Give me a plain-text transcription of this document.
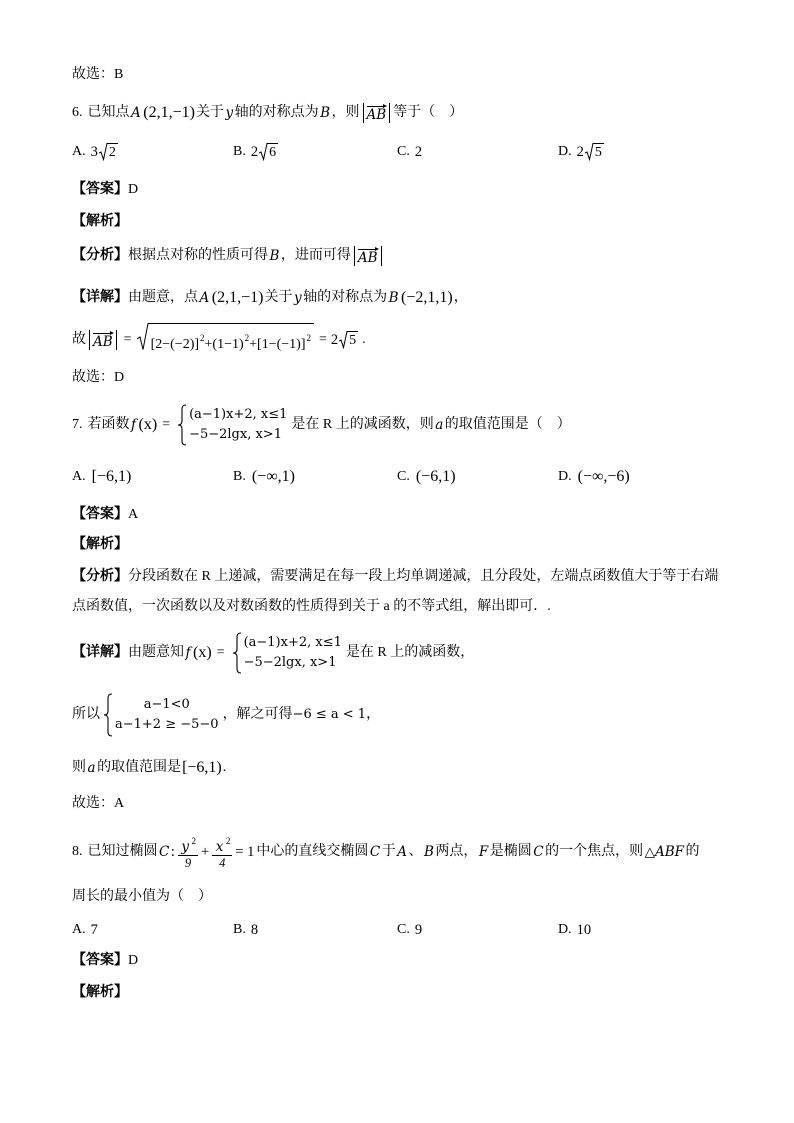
故选：B
6. 已知点 A (2,1,−1) 关于 y 轴的对称点为 B ，则 AB 等于（　）
A. 3 2	B. 2 6	C. 2	D. 2 5
【答案】 D
【解析】
【分析】 根据点对称的性质可得 B ，进而可得 AB
【详解】 由题意，点 A (2,1,−1) 关于 y 轴的对称点为 B (−2,1,1) ，
故 AB = $[2-(-2)]^2+(1-1)^2+[1-(-1)]^2 = 2$ 5 .
故选：D
7. 若函数 f (x) =
(a−1)x+2, x≤1
−5−2lgx, x>1
是在 R 上的减函数，则 a 的取值范围是（　）
A. [−6,1)	B. (−∞,1)	C. (−6,1)	D. (−∞,−6)
【答案】 A
【解析】
【分析】 分段函数在 R 上递减，需要满足在每一段上均单调递减，且分段处，左端点函数值大于等于右端
点函数值，一次函数以及对数函数的性质得到关于 a 的不等式组，解出即可．.
【详解】 由题意知 f (x) =
(a−1)x+2, x≤1
−5−2lgx, x>1
是在 R 上的减函数，
所以
a−1<0
a−1+2 ≥ −5−0
，解之可得 −6 ≤ a < 1 ，
则 a 的取值范围是 [−6,1) .
故选：A
8. 已知过椭圆 C : $\frac{y ^2}{9} + \frac{x ^2}{4} = 1$ 中心的直线交椭圆 C 于 A 、 B 两点， F 是椭圆 C 的一个焦点，则 △ABF 的
周长的最小值为（　）
A. 7	B. 8	C. 9	D. 10
【答案】 D
【解析】
